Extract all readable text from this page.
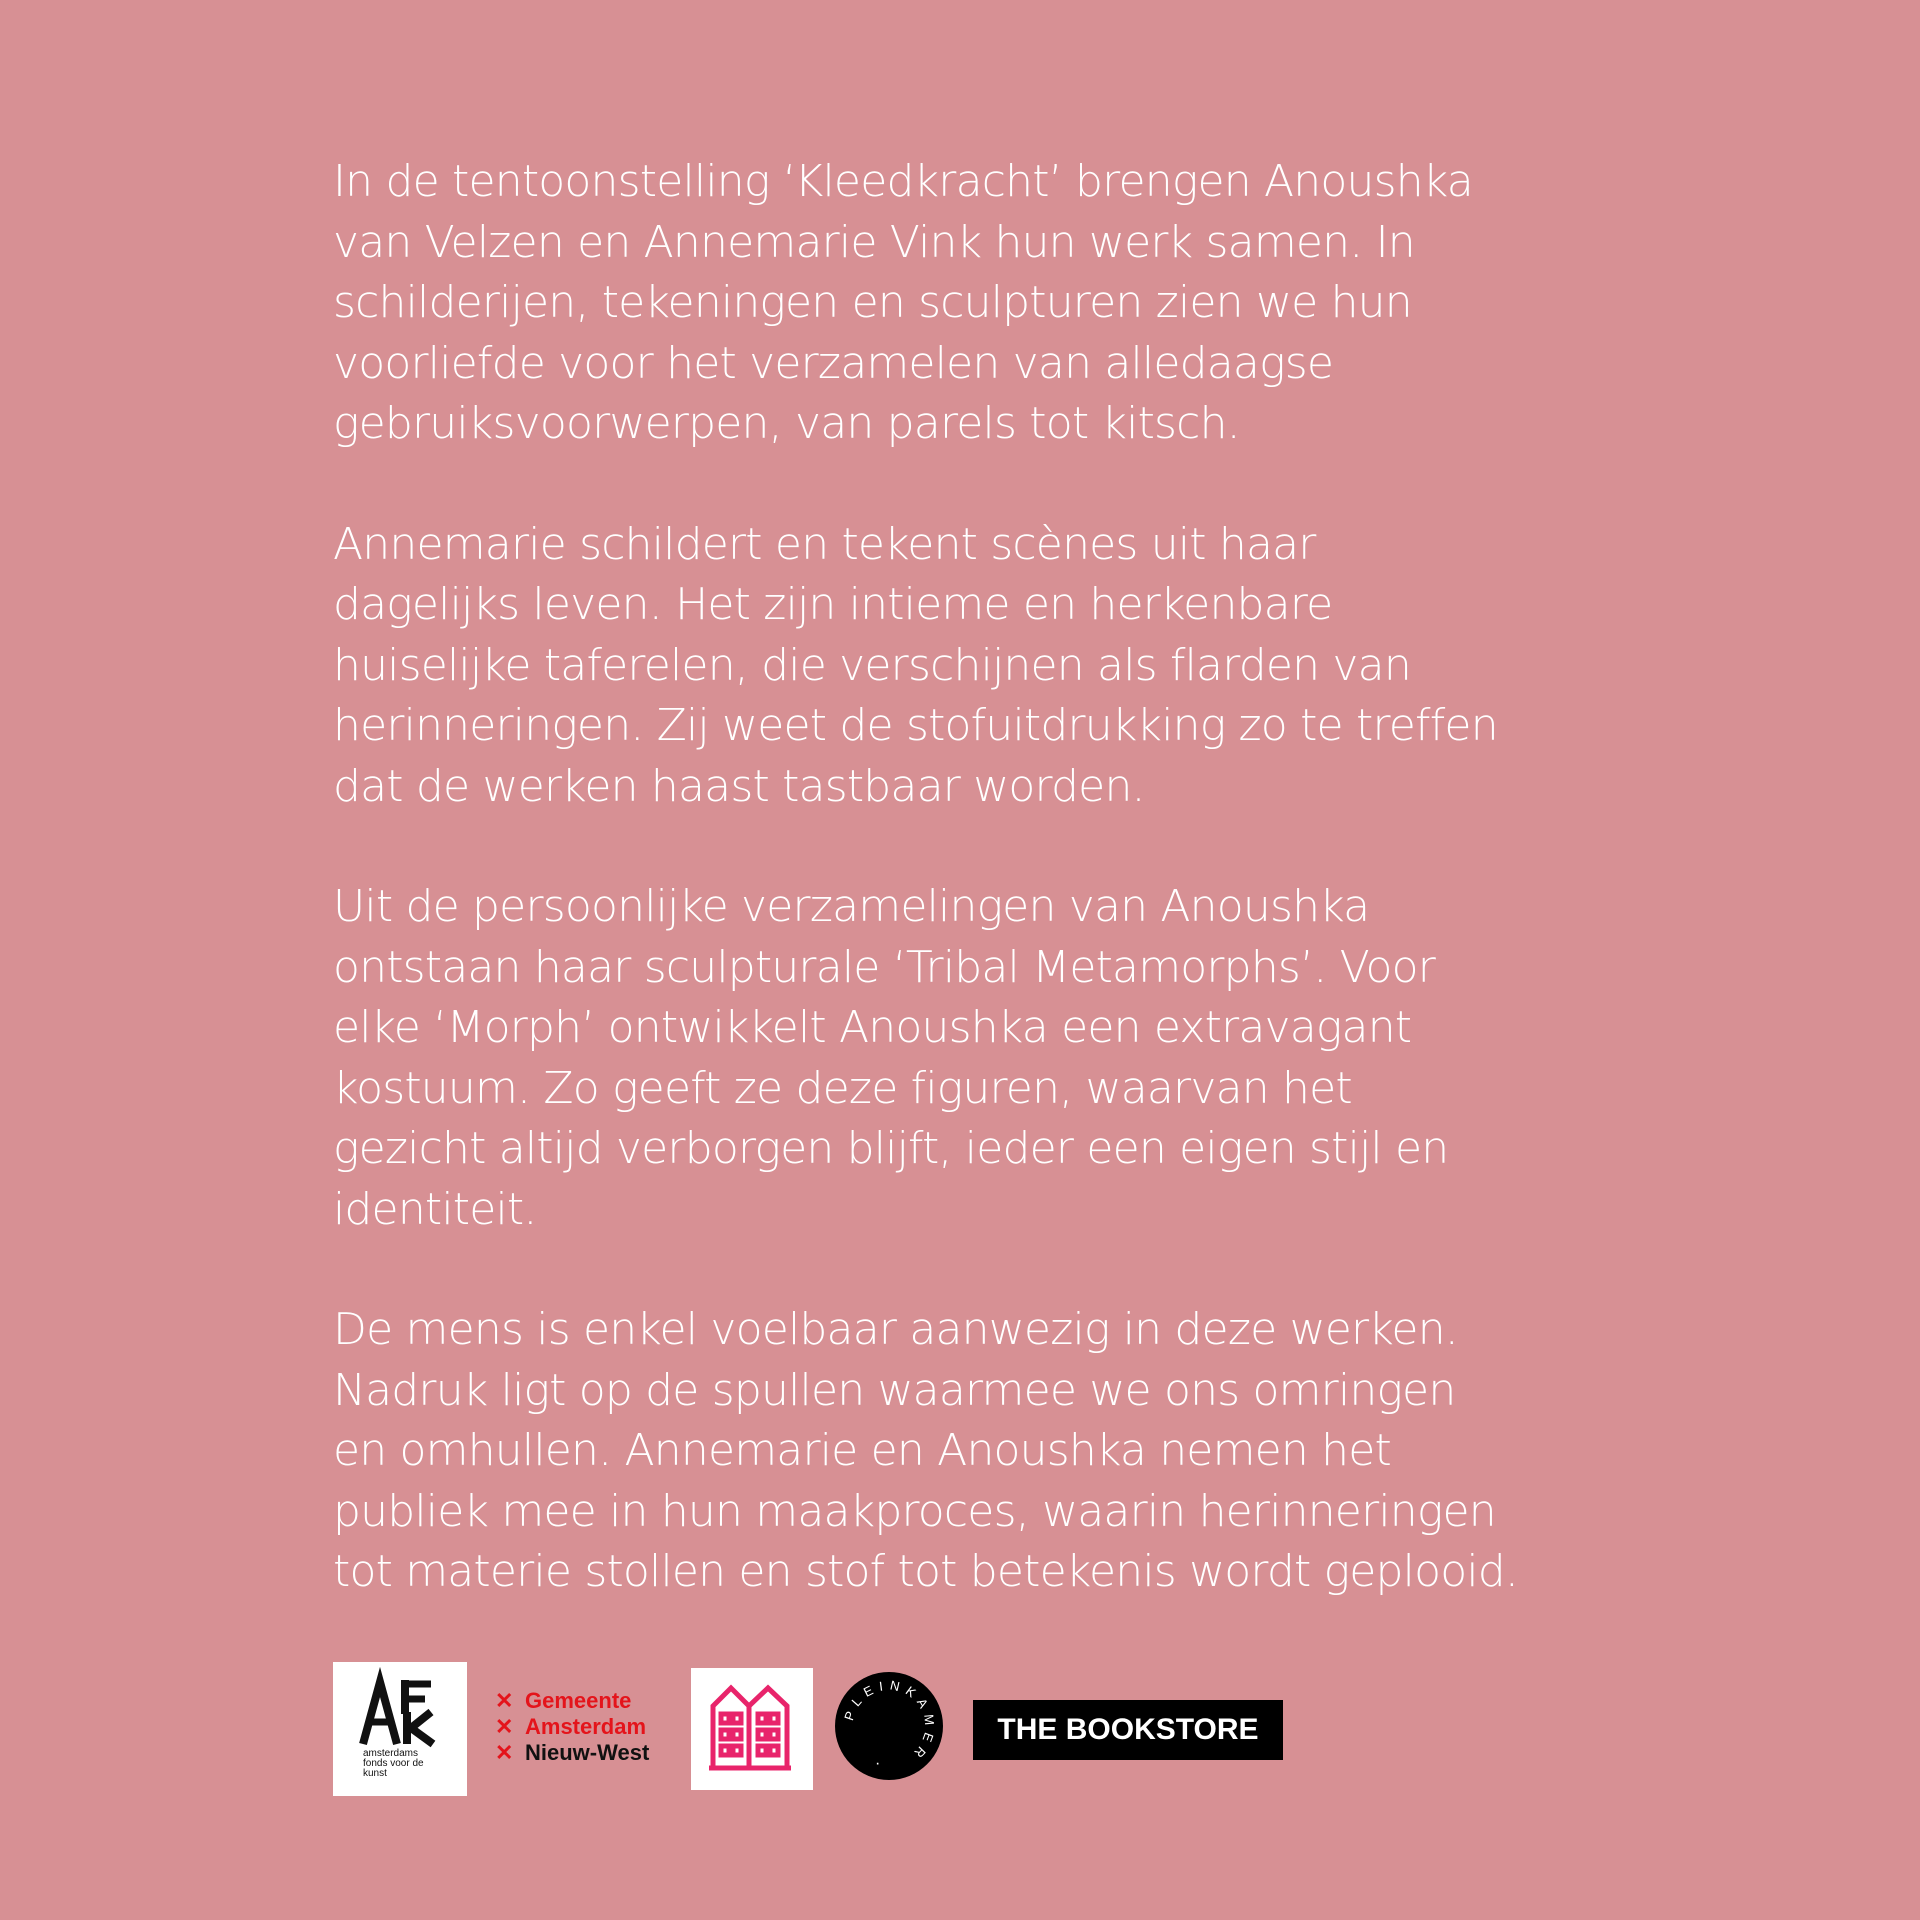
In de tentoonstelling ‘Kleedkracht’ brengen Anoushka
van Velzen en Annemarie Vink hun werk samen. In
schilderijen, tekeningen en sculpturen zien we hun
voorliefde voor het verzamelen van alledaagse
gebruiksvoorwerpen, van parels tot kitsch.

Annemarie schildert en tekent scènes uit haar
dagelijks leven. Het zijn intieme en herkenbare
huiselijke taferelen, die verschijnen als flarden van
herinneringen. Zij weet de stofuitdrukking zo te treffen
dat de werken haast tastbaar worden.

Uit de persoonlijke verzamelingen van Anoushka
ontstaan haar sculpturale ‘Tribal Metamorphs’. Voor
elke ‘Morph’ ontwikkelt Anoushka een extravagant
kostuum. Zo geeft ze deze figuren, waarvan het
gezicht altijd verborgen blijft, ieder een eigen stijl en
identiteit.

De mens is enkel voelbaar aanwezig in deze werken.
Nadruk ligt op de spullen waarmee we ons omringen
en omhullen. Annemarie en Anoushka nemen het
publiek mee in hun maakproces, waarin herinneringen
tot materie stollen en stof tot betekenis wordt geplooid.

amsterdams
fonds voor de
kunst
✕ Gemeente
✕ Amsterdam
✕ Nieuw-West
PLEINKAMER
·
THE BOOKSTORE
